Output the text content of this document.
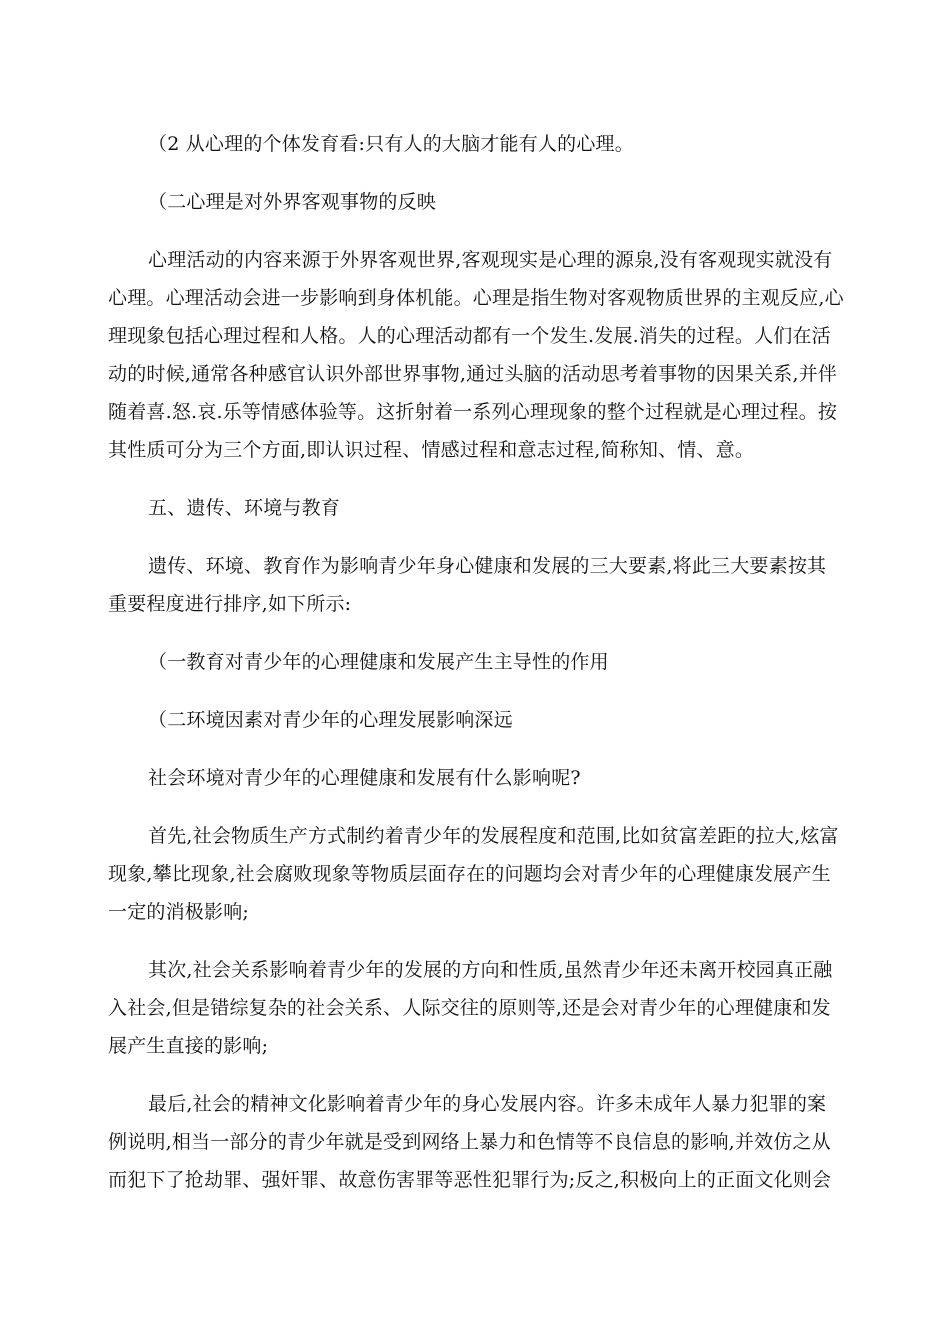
（2 从心理的个体发育看:只有人的大脑才能有人的心理。
（二心理是对外界客观事物的反映
心理活动的内容来源于外界客观世界,客观现实是心理的源泉,没有客观现实就没有
心理。心理活动会进一步影响到身体机能。心理是指生物对客观物质世界的主观反应,心
理现象包括心理过程和人格。人的心理活动都有一个发生.发展.消失的过程。人们在活
动的时候,通常各种感官认识外部世界事物,通过头脑的活动思考着事物的因果关系,并伴
随着喜.怒.哀.乐等情感体验等。这折射着一系列心理现象的整个过程就是心理过程。按
其性质可分为三个方面,即认识过程、情感过程和意志过程,简称知、情、意。
五、遗传、环境与教育
遗传、环境、教育作为影响青少年身心健康和发展的三大要素,将此三大要素按其
重要程度进行排序,如下所示:
（一教育对青少年的心理健康和发展产生主导性的作用
（二环境因素对青少年的心理发展影响深远
社会环境对青少年的心理健康和发展有什么影响呢?
首先,社会物质生产方式制约着青少年的发展程度和范围,比如贫富差距的拉大,炫富
现象,攀比现象,社会腐败现象等物质层面存在的问题均会对青少年的心理健康发展产生
一定的消极影响;
其次,社会关系影响着青少年的发展的方向和性质,虽然青少年还未离开校园真正融
入社会,但是错综复杂的社会关系、人际交往的原则等,还是会对青少年的心理健康和发
展产生直接的影响;
最后,社会的精神文化影响着青少年的身心发展内容。许多未成年人暴力犯罪的案
例说明,相当一部分的青少年就是受到网络上暴力和色情等不良信息的影响,并效仿之从
而犯下了抢劫罪、强奸罪、故意伤害罪等恶性犯罪行为;反之,积极向上的正面文化则会
